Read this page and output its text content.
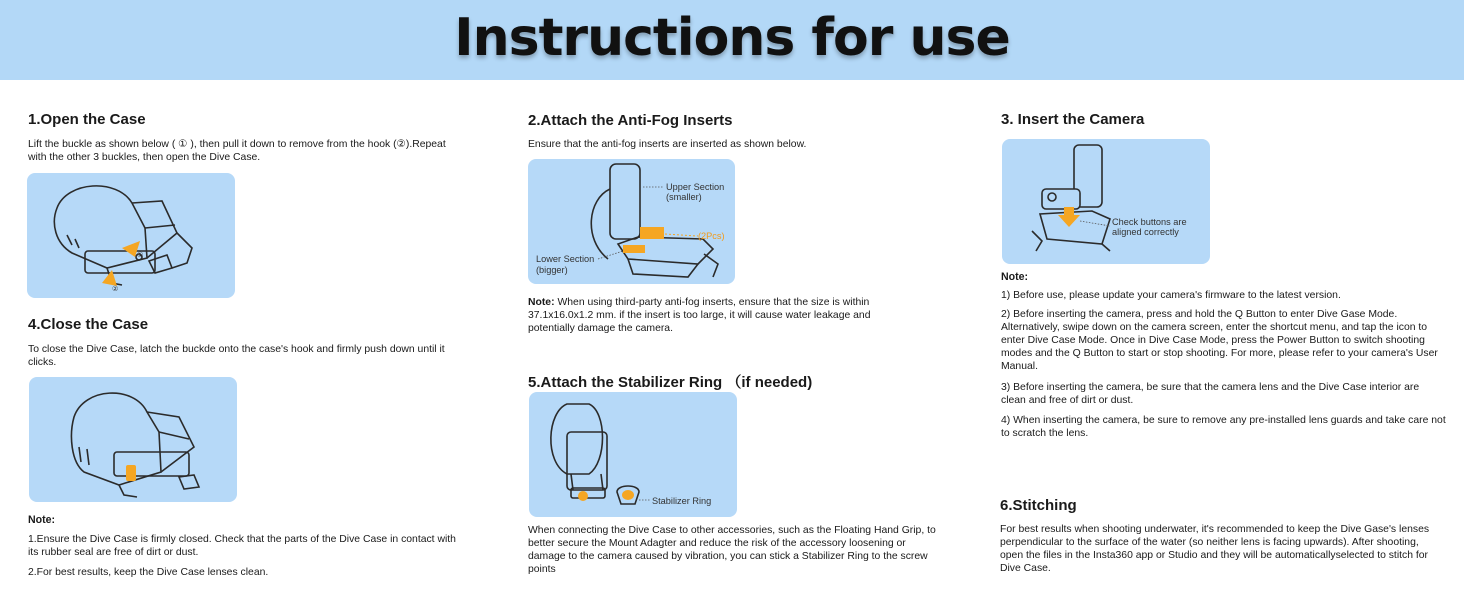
Instructions for use
1.Open the Case
Lift the buckle as shown below ( ① ), then pull it down to remove from the hook (②).Repeat with the other 3 buckles, then open the Dive Case.
①
②
4.Close the Case
To close the Dive Case, latch the buckde onto the case's hook and firmly push down until it clicks.
Note:
1.Ensure the Dive Case is firmly closed. Check that the parts of the Dive Case in contact with its rubber seal are free of dirt or dust.
2.For best results, keep the Dive Case lenses clean.
2.Attach the Anti-Fog Inserts
Ensure that the anti-fog inserts are inserted as shown below.
Upper Section
(smaller)
(2Pcs)
Lower Section
(bigger)
Note: When using third-party anti-fog inserts, ensure that the size is within 37.1x16.0x1.2 mm. if the insert is too large, it will cause water leakage and potentially damage the camera.
5.Attach the Stabilizer Ring （if needed)
Stabilizer Ring
When connecting the Dive Case to other accessories, such as the Floating Hand Grip, to better secure the Mount Adagter and reduce the risk of the accessory loosening or damage to the camera caused by vibration, you can stick a Stabilizer Ring to the screw points
3. Insert the Camera
Check buttons are
aligned correctly
Note:
1) Before use, please update your camera's firmware to the latest version.
2) Before inserting the camera, press and hold the Q Button to enter Dive Gase Mode. Alternatively, swipe down on the camera screen, enter the shortcut menu, and tap the icon to enter Dive Case Mode. Once in Dive Case Mode, press the Power Button to switch shooting modes and the Q Button to start or stop shooting. For more, please refer to your camera's User Manual.
3) Before inserting the camera, be sure that the camera lens and the Dive Case interior are clean and free of dirt or dust.
4) When inserting the camera, be sure to remove any pre-installed lens guards and take care not to scratch the lens.
6.Stitching
For best results when shooting underwater, it's recommended to keep the Dive Gase's lenses perpendicular to the surface of the water (so neither lens is facing upwards). After shooting, open the files in the Insta360 app or Studio and they will be automaticallyselected to stitch for Dive Case.
